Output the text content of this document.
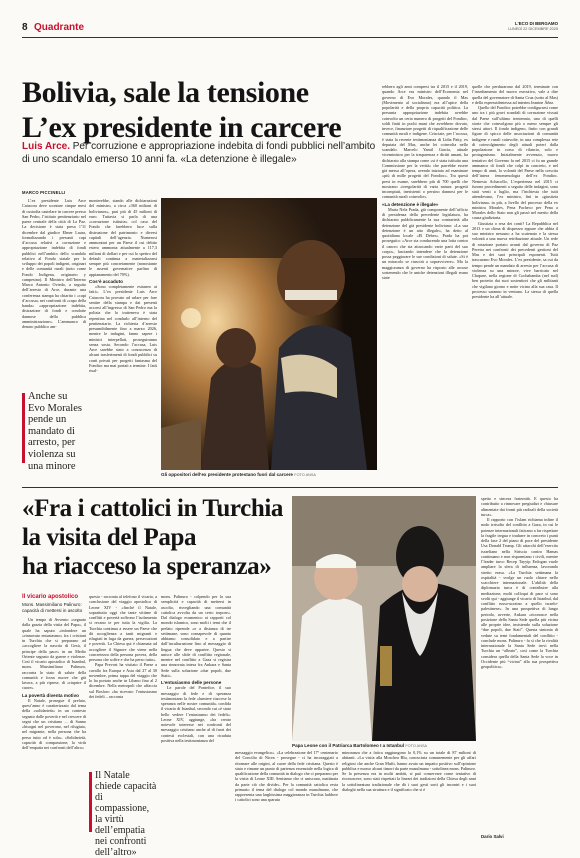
8 Quadrante	L'ECO DI BERGAMO
LUNEDÌ 22 DICEMBRE 2025
Bolivia, sale la tensione
L’ex presidente in carcere
Luis Arce. Per corruzione e appropriazione indebita di fondi pubblici nell’ambito di uno scandalo emerso 10 anni fa. «La detenzione è illegale»
MARCO PICCINELLI

L’ex presidente Luis Arce Catacora deve scontare cinque mesi di custodia cautelare in carcere presso San Pedro, l’istituto penitenziario nel paese centrale della città di La Paz. La decisione è stata presa l’11 dicembre dal giudice Elmer Laura, formalizzando i presunti capi d’accusa relativi a corruzione e appropriazione indebita di fondi pubblici nell’ambito dello scandalo relativo al Fondo statale per lo sviluppo dei popoli indigeni, originari e delle comunità rurali (noto come Fondo Indigena, originario y campesino). Il Ministro dell’Interno Marco Antonio Oviedo, a seguito dell’arresto di Arce, durante una conferenza stampa ha chiarito i «capi d’accusa» nei confronti di «capo della banda» «appropriazione indebita, distrazione di fondi e condotte dannose della pubblica amministrazione». L’ammanco di denaro pubblico am-

Anche su Evo Morales pende un mandato di arresto, per violenza su una minore

monterebbe, stando alle dichiarazioni del ministro, a circa «360 milioni di bolivianos», pari più di 45 milioni di euro. Tuttavia si parla di una «corruzione istituita» col caso del Fondo che farebbero luce sulla distruzione del patrimonio e diversi capitali dell’agenzia. Numerosi ammontari per un Paese il cui debito estero ammonta attualmente a 117,3 milioni di dollari e per cui lo spettro del default continua a materializzarsi sempre più concretamente (nonostante le assenti governative parlino di appianamento del 70%).

Cos’è accaduto

«Sono completamente estraneo ai fatti». L’ex presidente Luis Arce Catacora ha provato ad urlare per fare sentire della stampa e dai presenti accorsi all’ingresso di San Pedro ma la polizia che lo tratteneva è stata repentina nel condurlo all’interno del penitenziario. La richiesta d’arresto presumibilmente fino a marzo 2026, mentre le indagini, fanno sapere i ministri interpellati, proseguiranno senza sosta. Secondo l’accusa, Luis Arce sarebbe stato a conoscenza di alcuni trasferimenti di fondi pubblici su conti privati per progetti fantasma del Fondioc ma mai portati a termine. I fatti risal-

Gli oppositori dell’ex presidente protestano fuori dal carcere FOTO ANSA

rebbero agli anni compresi tra il 2015 e il 2019, quando Arce era ministro dell’Economia nel governo di Evo Morales, quando il Mas (Movimento al socialismo) era all’apice della popolarità e della propria capacità politica. La presunta appropriazione indebita avrebbe coinvolto un certo numero di progetti del Fondioc, soldi finiti in pochi mani che avrebbero dovuto, invece, finanziare progetti di riqualificazione delle comunità rurali e indigene. Crisciate, per l’accusa, è stata la recente testimonianza di Lidia Patty, ex deputata del Mas, anche lei coinvolta nello scandalo. Marcelo Yamil García, attuale viceministro per la trasparenza e diritti umani, ha dichiarato alla stampa come «si è stata istituita una Commissione per la verità» che parrebbe essere già messa all’opera, avendo iniziato ad esaminare «più di mille progetti del Fondioc». Tra questi presi in esame, sarebbero più di 700 quelli che mostrano «irregolarità di varia natura: progetti incompiuti, inesistenti o persino dannosi per le comunità rurali coinvolte».

«La detenzione è illegale»

Maria Nela Prada, già componente dell’ufficio di presidenza della precedente legislatura, ha dichiarato pubblicamente la sua contrarietà alla detenzione del già presidente boliviano: «La sua detenzione è un atto illegale», ha detto al quotidiano locale «El Deber». Prada ha poi proseguito: «Arce sta conducendo una lotta contro il cancro che sta attaccando varie parti del suo corpo», lasciando intendere che la detenzione possa peggiorare le sue condizioni di salute. «Si è un miracolo se riuscirà a sopravvivere». Ma la maggioranza di governo ha risposto alle accuse sostenendo che le uniche detenzioni illegali erano state

quelle che perdurarono dal 2019, terminate con l’insediamento del nuovo esecutivo, vale a dire quella del governatore di Santa Cruz (sotto al Mas) e della espressidentessa ad interim Jeanine Áñez.

Quello del Fondioc potrebbe configurarsi come uno tra i più gravi scandali di corruzione vissuti dal Paese sull’ultimo trentennio, uno di quelli storie che coinvolgono più o meno sempre gli stessi attori. Il fondo indigeno, finito con grandi figure di spicco delle associazioni di comunità indigene e rurali coinvolte, in una complessa rete di coinvolgimento degli attuali poteri dalla popolazione in corso di rilancio, solo e protagonismo. Inizialmente avvenuto, nuovo tentativo del Governo fa nel 2015 ci fu un grande ammanco di fondi che colpì in concreto, e nel tempo di anni, la volontà del Paese nella crescita dell’intera fenomenologia dell’ex Fondioc. Nemesia Achacollo, L’esperienza nel 2015 ci furono procedimenti a seguito delle indagini, sono stati venti a luglio, ma l’inchiesta che tutti attendevano, l’ex ministro, finì in «giustizia boliviana» in più, a livello del processo della ex ministra Morales, Pena Pacheco per Pena a Morales dello Stato non gli passò nel merito della causa giudiziaria.

Giustizia o resa dei conti? La Repubblica nel 2013 e un clima di disprezzo eppure che abbia il suo ministro nessuno a ha scatenato e la stessa volontà a una nuova retribuzione attuale. Un rede di rotazione portato avanti dal governo di Paz Pereira nei confronti dei precedenti gestioni del Mas e dei suoi principali esponenti. Tutti trascurano Evo Morales. L’ex presidente, sa cui da tempo pende un mandato di arresto per l’accusa di violenza su una minore, vive barricato nel Chapare, nella regione di Cochabamba (nel sud) ben protetto dai suoi sostenitori che gli militanti che vigilano giorno e notte vicino alla sua casa. Il processo saranno in ventuno. La stessa di quella presidente ha all’attuale.

«Fra i cattolici in Turchia
la visita del Papa
ha riacceso la speranza»
Il vicario apostolico
Mons. Massimiliano Palinuro: capacità di mettersi in ascolto

Un tempo di Avvento «segnato dalla grazia della visita del Papa», il quale ha saputo «infondere un «rinnovato entusiasmo» fra i cristiani in Turchia che si preparano ad «accogliere la nascita di Gesù, il principe della pace» in un Medio Oriente segnato da guerre e violenze. Così il vicario apostolico di Istanbul, mons. Massimiliano Palinuro, racconta lo stato di salute della comunità e focus nuove che già lavora, a più riprese, di «riaprire il cuore».

La povertà diventa motivo

Il Natale, prosegue il prelato, quest’anno è caratterizzato dal tema della «solidarietà» in un contesto segnato dalle povertà e nel crescere di segni che un cristiano ... di Sanno «bisogni nel poverono, nel rifugiato, nel migrante, nella persona che ha perso tutto od è sola». «Solidarietà, capacità di compassione, la virtù dell’empatia nei confronti dell’altro»

questo - racconta al telefono il vicario, a conclusione del viaggio apostolico di Leone XIV - «finché il Natale, soprattutto oggi che tante vittime di conflitti e povertà soffrono l’isolamento si recano te per tutta la vigilia. La Turchia continua a essere un Paese che dà accoglienza a tanti migranti e rifugiati in fuga da guerra, persecuzioni e povertà. La Chiesa qui è chiamata ad accogliere il Signore che viene nella concretezza della persona povera, della persona che soffre e che ha perso tutto».

Papa Prevost ha visitato il Paese a cavallo fra Europa e Asia dal 27 al 30 novembre, prima tappa del viaggio che lo ha portato anche in Libano fino al 2 dicembre. Nella metropoli che affaccia sul Bosforo «ha ricevuto l’entusiasmo dei fedeli – racconta

Il Natale chiede capacità di compassione, la virtù dell’empatia nei confronti dell’altro»

mons. Palinuro - colpendo per la sua semplicità e capacità di mettersi in ascolto, risvegliando una comunità cattolica avvolta da un certo torpore». Dal dialogo ecumenico ai rapporti col mondo islamico, sono molti i temi che il prelato riprende «e a distanza di tre settimane, sono consapevole di quanto abbiamo consolidato e a partire dall’inculturazione fino al messaggio di lingua che deve apparire. Questo si unisce alle sfide di conflitto regionale, mentre nel conflitto a Gaza si registra una rinnovata intesa fra Ankara e Santa Sede sulla soluzione «due popoli, due Stati».

L’entusiasmo delle persone

Le parole del Pontefice, il suo messaggio di fede e di speranza testimoniano la fede «lumiere riaccese la speranza nelle nostre comunità» confida il vicario di Istanbul, secondo cui «è stato bello vedere l’entusiasmo dei fedeli». Leone XIV, aggiunge, «ha creato notevole interesse nei confronti del messaggio cristiano anche al di fuori dei contesti ecclesiali, con una ricaduta positiva nella testimonianza del

Papa Leone con il Patriarca Bartolomeo I a Istanbul FOTO ANSA

messaggio evangelico». «La celebrazione del 17° centenario del Concilio di Nicea - prosegue - ci ha incoraggiati a ritornare alle origini, al cuore della fede cristiana. Questo è stato e rimane un punto di partenza essenziale nella logica di qualificazione della comunità in dialogo che ci preparano per la visita di Leone XIII. Sentiamo che ci uniscono, mattinata da parte ciò che divide». Per la comunità cattolica resta primario il tema del dialogo col mondo musulmano, che rappresenta una larghissima maggioranza in Turchia laddove i cattolici sono una sparuta

minoranza che a fatica raggiungono lo 0,1% su un totale di 87 milioni di abitanti. «La visita alla Moschea Blu, conosciuta comunemente per gli affari religiosi che anche Gran Mufti, hanno avuto un impatto positivo sull’opinione pubblica e mosso alcuni timori da parte musulmana - sottolinea mons. Palinuro. Se la presenza era in molti ambiti, si può conservare come tentativo di riconoscere, sono stati rispettati la lineari dei tradizioni della Chiesa degli anni la sottolineatura tradizionale che dà i suoi gesti sorti gli incontri e i suoi dialoghi nella sua struttura e il significato che si è

spetto e sincera fraternità. E questo ha contribuito a rinnovare pregiudizi e chiusure alimentate dai fronti più radicali della società turca».

Il rapporto con l’islam richiama infine il nodo irrisolto del conflitto a Gaza, in cui le potenze internazionali faticano a far rispettare la fragile tregua e tradurre in concreto i punti della fase 2 del piano di pace del presidente Usa Donald Trump. Gli attacchi dell’esercito israeliano nella Striscia contro Hamas continuano e non risparmiano i civili, mentre l’leader turco Recep Tayyip Erdogan vuole ampliare la sfera di influenza, lavorando stretto erasa. «La Turchia settimana la ospitalità - svolge un ruolo chiave nello scacchiere internazionale. L’abilità della diplomazia turca è di contribuire alla mediazione, molti colloqui di pace si sono svolti qui - aggiunge il vicario di Istanbul, dal conflitto russo-ucraino a quello israelo-palestinese». In una prospettiva di lungo periodo, avverte, Ankara «riconosce nella posizione della Santa Sede quella più vicina alle proprie idee, insistendo sulla soluzione “due popoli, due Stati”. Questa sintonia di vedute su temi fondamentali del conflitto - conclude mons. Palinuro - fa sì che la rivalità internazionale la Santa Sede trovi nella Turchia un “alleato”, così come la Turchia considera quella della Santa Sede la voce in Occidente più “vicina” alla sua prospettiva geopolitica».

Dario Salvi
